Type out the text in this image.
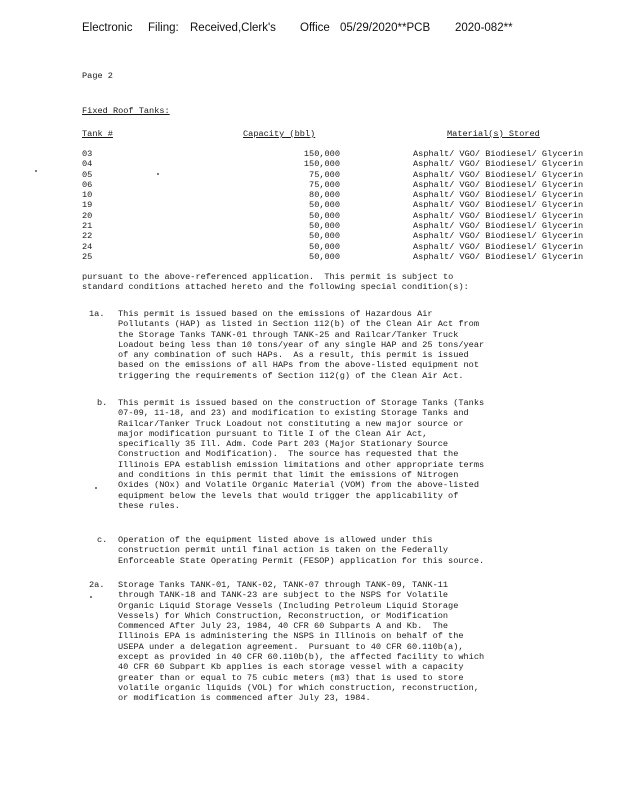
Electronic Filing: Received,Clerk's Office 05/29/2020**PCB 2020-082**
Page 2
Fixed Roof Tanks:
Tank #	Capacity (bbl)	Material(s) Stored
03	150,000	Asphalt/ VGO/ Biodiesel/ Glycerin
04	150,000	Asphalt/ VGO/ Biodiesel/ Glycerin
05	75,000	Asphalt/ VGO/ Biodiesel/ Glycerin
06	75,000	Asphalt/ VGO/ Biodiesel/ Glycerin
10	80,000	Asphalt/ VGO/ Biodiesel/ Glycerin
19	50,000	Asphalt/ VGO/ Biodiesel/ Glycerin
20	50,000	Asphalt/ VGO/ Biodiesel/ Glycerin
21	50,000	Asphalt/ VGO/ Biodiesel/ Glycerin
22	50,000	Asphalt/ VGO/ Biodiesel/ Glycerin
24	50,000	Asphalt/ VGO/ Biodiesel/ Glycerin
25	50,000	Asphalt/ VGO/ Biodiesel/ Glycerin
pursuant to the above-referenced application.  This permit is subject to
standard conditions attached hereto and the following special condition(s):
1a. This permit is issued based on the emissions of Hazardous Air
Pollutants (HAP) as listed in Section 112(b) of the Clean Air Act from
the Storage Tanks TANK-01 through TANK-25 and Railcar/Tanker Truck
Loadout being less than 10 tons/year of any single HAP and 25 tons/year
of any combination of such HAPs.  As a result, this permit is issued
based on the emissions of all HAPs from the above-listed equipment not
triggering the requirements of Section 112(g) of the Clean Air Act.
b. This permit is issued based on the construction of Storage Tanks (Tanks
07-09, 11-18, and 23) and modification to existing Storage Tanks and
Railcar/Tanker Truck Loadout not constituting a new major source or
major modification pursuant to Title I of the Clean Air Act,
specifically 35 Ill. Adm. Code Part 203 (Major Stationary Source
Construction and Modification).  The source has requested that the
Illinois EPA establish emission limitations and other appropriate terms
and conditions in this permit that limit the emissions of Nitrogen
Oxides (NOx) and Volatile Organic Material (VOM) from the above-listed
equipment below the levels that would trigger the applicability of
these rules.
c. Operation of the equipment listed above is allowed under this
construction permit until final action is taken on the Federally
Enforceable State Operating Permit (FESOP) application for this source.
2a. Storage Tanks TANK-01, TANK-02, TANK-07 through TANK-09, TANK-11
through TANK-18 and TANK-23 are subject to the NSPS for Volatile
Organic Liquid Storage Vessels (Including Petroleum Liquid Storage
Vessels) for Which Construction, Reconstruction, or Modification
Commenced After July 23, 1984, 40 CFR 60 Subparts A and Kb.  The
Illinois EPA is administering the NSPS in Illinois on behalf of the
USEPA under a delegation agreement.  Pursuant to 40 CFR 60.110b(a),
except as provided in 40 CFR 60.110b(b), the affected facility to which
40 CFR 60 Subpart Kb applies is each storage vessel with a capacity
greater than or equal to 75 cubic meters (m3) that is used to store
volatile organic liquids (VOL) for which construction, reconstruction,
or modification is commenced after July 23, 1984.
